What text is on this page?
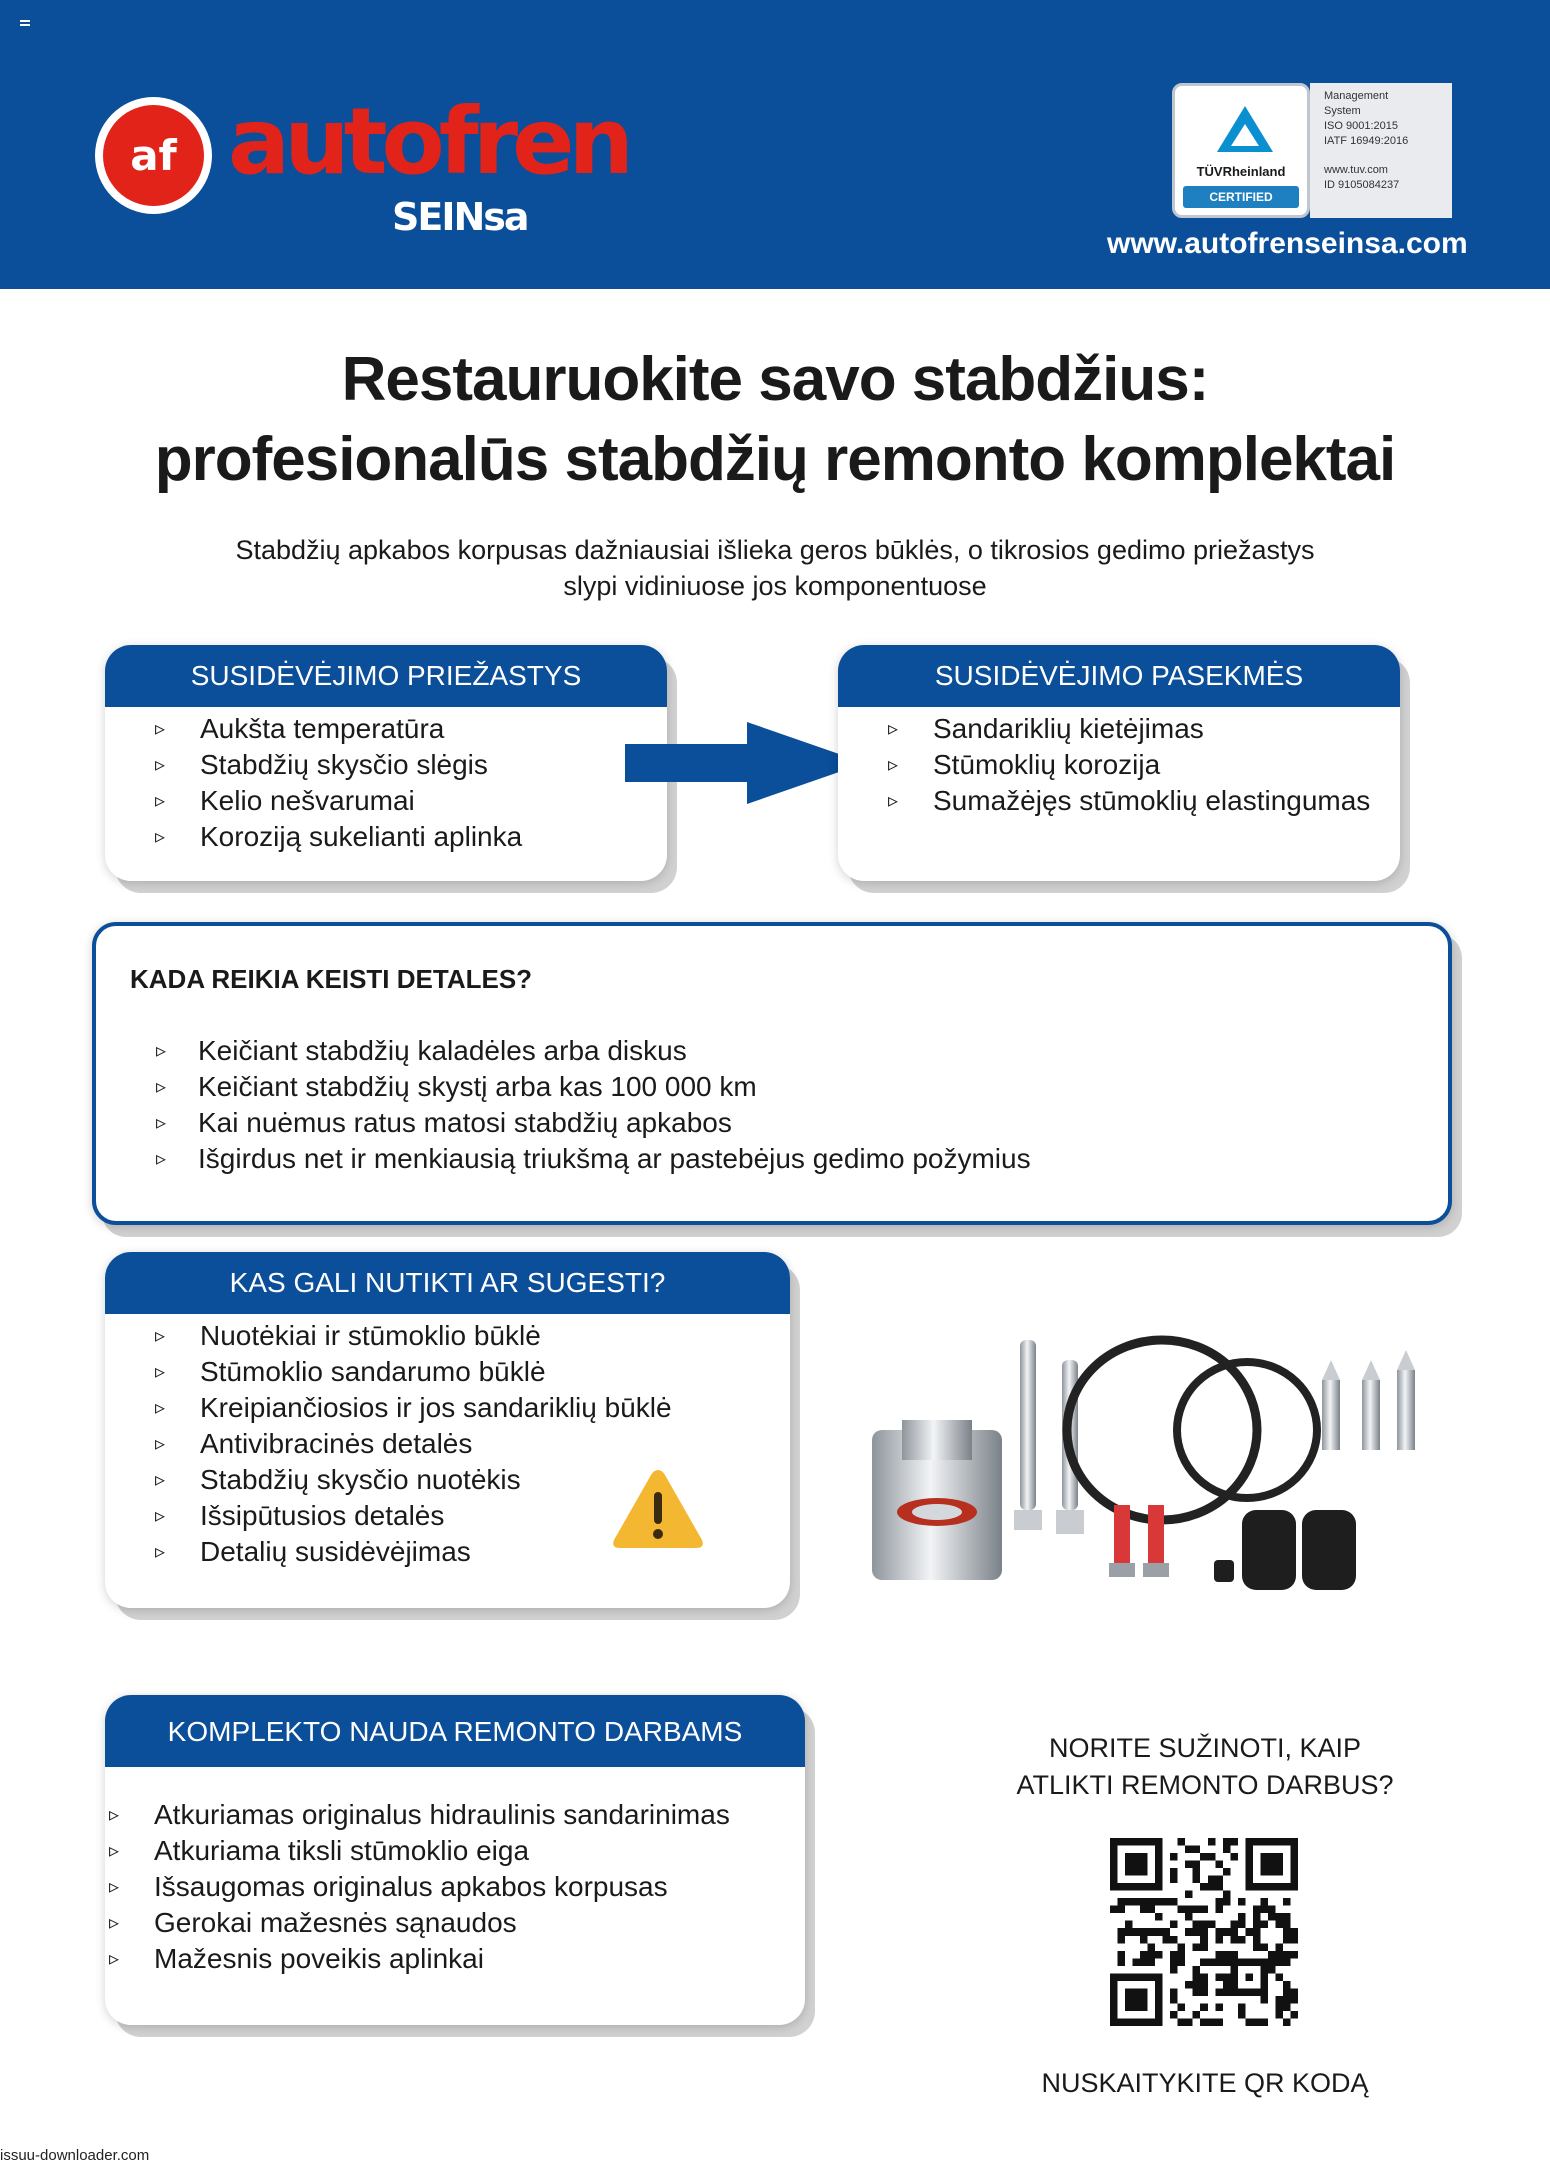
af autofren
SEINsa
TÜVRheinland
CERTIFIED

Management

System

ISO 9001:2015

IATF 16949:2016

www.tuv.com

ID 9105084237

www.autofrenseinsa.com
Restauruokite savo stabdžius:
profesionalūs stabdžių remonto komplektai
Stabdžių apkabos korpusas dažniausiai išlieka geros būklės, o tikrosios gedimo priežastys
slypi vidiniuose jos komponentuose
SUSIDĖVĖJIMO PRIEŽASTYS
▹ Aukšta temperatūra
▹ Stabdžių skysčio slėgis
▹ Kelio nešvarumai
▹ Koroziją sukelianti aplinka
SUSIDĖVĖJIMO PASEKMĖS
▹ Sandariklių kietėjimas
▹ Stūmoklių korozija
▹ Sumažėjęs stūmoklių elastingumas
KADA REIKIA KEISTI DETALES?
▹ Keičiant stabdžių kaladėles arba diskus
▹ Keičiant stabdžių skystį arba kas 100 000 km
▹ Kai nuėmus ratus matosi stabdžių apkabos
▹ Išgirdus net ir menkiausią triukšmą ar pastebėjus gedimo požymius
KAS GALI NUTIKTI AR SUGESTI?
▹ Nuotėkiai ir stūmoklio būklė
▹ Stūmoklio sandarumo būklė
▹ Kreipiančiosios ir jos sandariklių būklė
▹ Antivibracinės detalės
▹ Stabdžių skysčio nuotėkis
▹ Išsipūtusios detalės
▹ Detalių susidėvėjimas
KOMPLEKTO NAUDA REMONTO DARBAMS
▹ Atkuriamas originalus hidraulinis sandarinimas
▹ Atkuriama tiksli stūmoklio eiga
▹ Išsaugomas originalus apkabos korpusas
▹ Gerokai mažesnės sąnaudos
▹ Mažesnis poveikis aplinkai
NORITE SUŽINOTI, KAIP
ATLIKTI REMONTO DARBUS?
NUSKAITYKITE QR KODĄ
issuu-downloader.com
